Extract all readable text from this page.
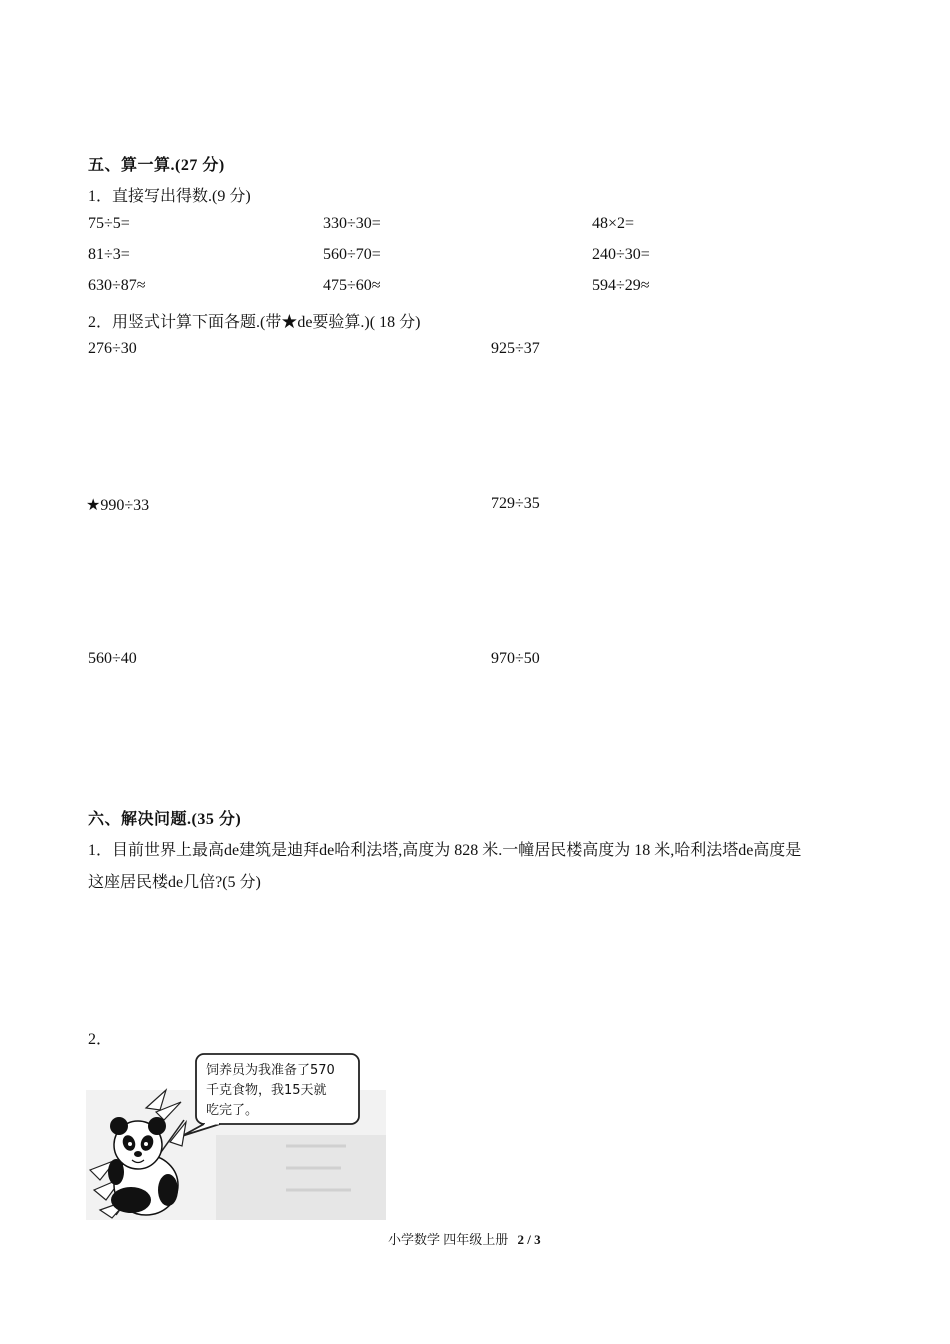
五、算一算.(27 分)
1．直接写出得数.(9 分)
75÷5=	330÷30=	48×2=
81÷3=	560÷70=	240÷30=
630÷87≈	475÷60≈	594÷29≈
2．用竖式计算下面各题.(带★de要验算.)( 18 分)
276÷30	925÷37
★990÷33	729÷35
560÷40	970÷50
六、解决问题.(35 分)
1．目前世界上最高de建筑是迪拜de哈利法塔,高度为 828 米.一幢居民楼高度为 18 米,哈利法塔de高度是
这座居民楼de几倍?(5 分)
2．
饲养员为我准备了570
千克食物，我15天就
吃完了。
小学数学 四年级上册 2 / 3
